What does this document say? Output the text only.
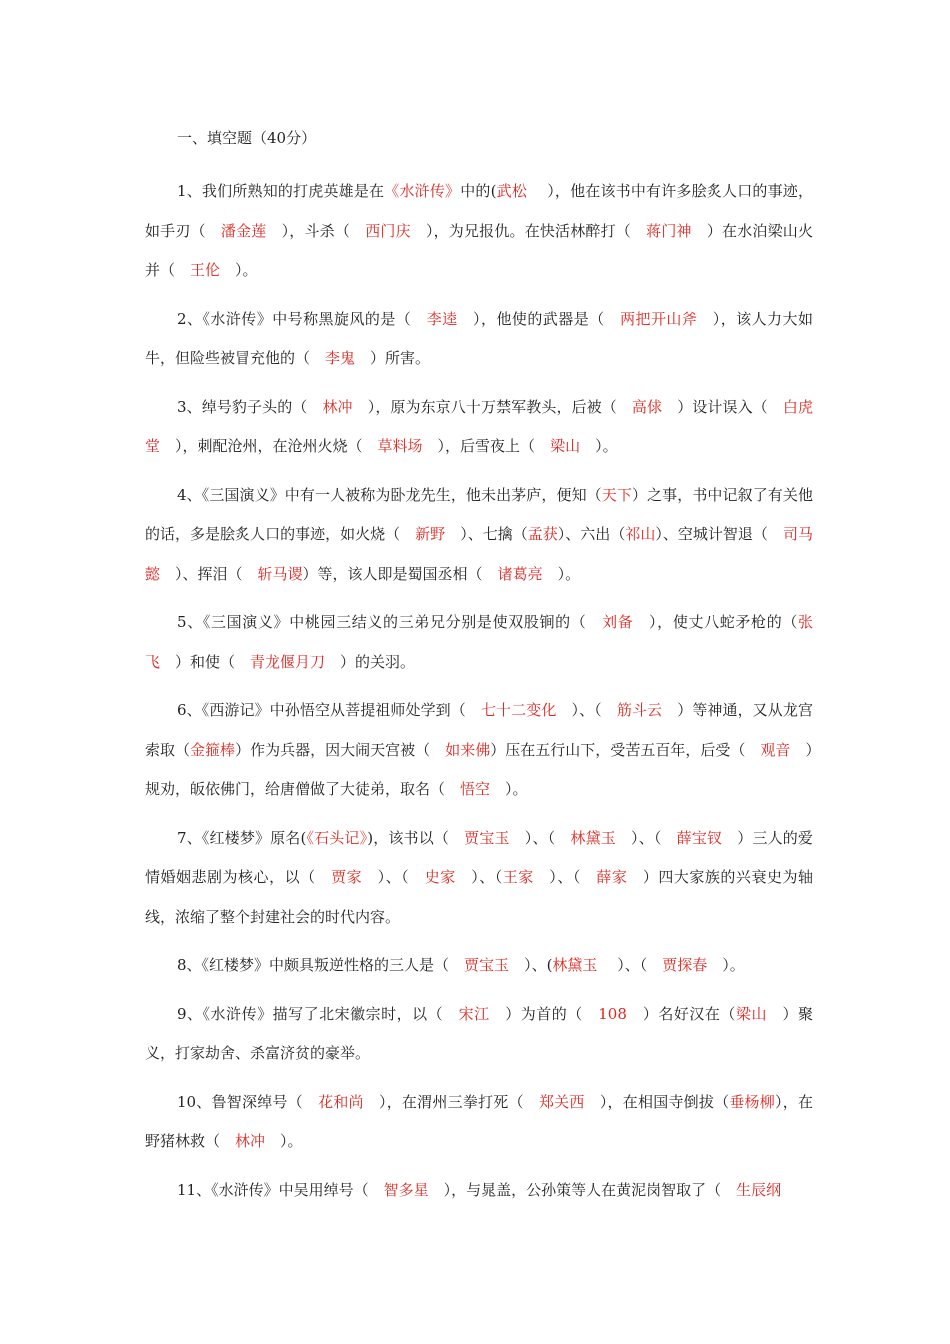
一、填空题（40分）

1、我们所熟知的打虎英雄是在《水浒传》中的(武松　 ），他在该书中有许多脍炙人口的事迹，如手刃（　潘金莲　），斗杀（　西门庆　），为兄报仇。在快活林醉打（　蒋门神　）在水泊梁山火并（　王伦　）。

2、《水浒传》中号称黑旋风的是（　李逵　），他使的武器是（　两把开山斧　），该人力大如牛，但险些被冒充他的（　李鬼　）所害。

3、绰号豹子头的（　林冲　），原为东京八十万禁军教头，后被（　高俅　）设计误入（　白虎堂　），刺配沧州，在沧州火烧（　草料场　），后雪夜上（　梁山　）。

4、《三国演义》中有一人被称为卧龙先生，他未出茅庐，便知（天下）之事，书中记叙了有关他的话，多是脍炙人口的事迹，如火烧（　新野　）、七擒（孟获）、六出（祁山）、空城计智退（　司马懿　）、挥泪（　斩马谡）等，该人即是蜀国丞相（　诸葛亮　）。

5、《三国演义》中桃园三结义的三弟兄分别是使双股锏的（　刘备　），使丈八蛇矛枪的（张飞　）和使（　青龙偃月刀　）的关羽。

6、《西游记》中孙悟空从菩提祖师处学到（　七十二变化　）、（　筋斗云　）等神通，又从龙宫索取（金箍棒）作为兵器，因大闹天宫被（　如来佛）压在五行山下，受苦五百年，后受（　观音　）规劝，皈依佛门，给唐僧做了大徒弟，取名（　悟空　）。

7、《红楼梦》原名(《石头记》)，该书以（　贾宝玉　）、（　林黛玉　）、（　薛宝钗　）三人的爱情婚姻悲剧为核心，以（　贾家　）、（　史家　）、（王家　）、（　薛家　）四大家族的兴衰史为轴线，浓缩了整个封建社会的时代内容。

8、《红楼梦》中颇具叛逆性格的三人是（　贾宝玉　）、(林黛玉　 ）、（　贾探春　）。

9、《水浒传》描写了北宋徽宗时，以（　宋江　）为首的（　108　）名好汉在（梁山　）聚义，打家劫舍、杀富济贫的豪举。

10、鲁智深绰号（　花和尚　），在渭州三拳打死（　郑关西　），在相国寺倒拔（垂杨柳），在野猪林救（　林冲　）。

11、《水浒传》中吴用绰号（　智多星　），与晁盖，公孙策等人在黄泥岗智取了（　生辰纲
